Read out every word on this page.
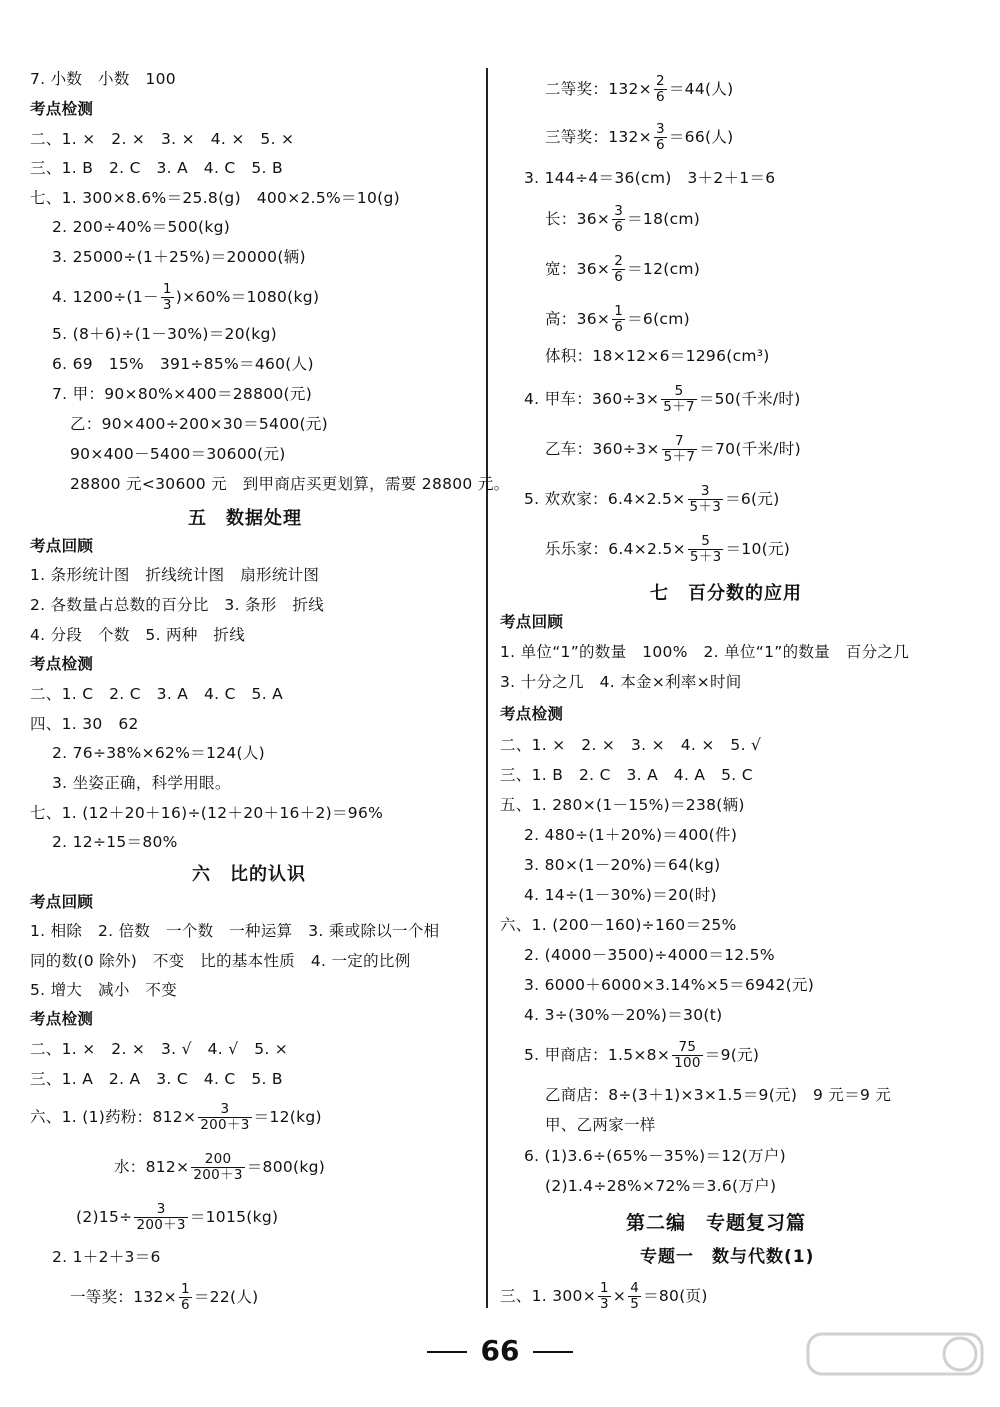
7. 小数　小数　100
考点检测
二、1. ×　2. ×　3. ×　4. ×　5. ×
三、1. B　2. C　3. A　4. C　5. B
七、1. 300×8.6%＝25.8(g)　400×2.5%＝10(g)
2. 200÷40%＝500(kg)
3. 25000÷(1＋25%)＝20000(辆)
4. $1200\div(1- \frac{1}{3} )\times 60\%=1080(kg)$
5. (8＋6)÷(1－30%)＝20(kg)
6. 69　15%　391÷85%＝460(人)
7. 甲：90×80%×400＝28800(元)
乙：90×400÷200×30＝5400(元)
90×400－5400＝30600(元)
28800 元<30600 元　到甲商店买更划算，需要 28800 元。
五　数据处理
考点回顾
1. 条形统计图　折线统计图　扇形统计图
2. 各数量占总数的百分比　3. 条形　折线
4. 分段　个数　5. 两种　折线
考点检测
二、1. C　2. C　3. A　4. C　5. A
四、1. 30　62
2. 76÷38%×62%＝124(人)
3. 坐姿正确，科学用眼。
七、1. (12＋20＋16)÷(12＋20＋16＋2)＝96%
2. 12÷15＝80%
六　比的认识
考点回顾
1. 相除　2. 倍数　一个数　一种运算　3. 乘或除以一个相
同的数(0 除外)　不变　比的基本性质　4. 一定的比例
5. 增大　减小　不变
考点检测
二、1. ×　2. ×　3. √　4. √　5. ×
三、1. A　2. A　3. C　4. C　5. B
六、1. (1)药粉：$812\times \frac{3}{200+3} =12(kg)$
水：$812\times \frac{200}{200+3} =800(kg)$
$(2)15\div \frac{3}{200+3} =1015(kg)$
2. 1＋2＋3＝6
一等奖：$132\times \frac{1}{6} =22$(人)
二等奖：$132\times \frac{2}{6} =44$(人)
三等奖：$132\times \frac{3}{6} =66$(人)
3. 144÷4＝36(cm)　3＋2＋1＝6
长：$36\times \frac{3}{6} =18(cm)$
宽：$36\times \frac{2}{6} =12(cm)$
高：$36\times \frac{1}{6} =6(cm)$
体积：18×12×6＝1296(cm³)
4. 甲车：$360\div 3\times \frac{5}{5+7} =50$(千米/时)
乙车：$360\div 3\times \frac{7}{5+7} =70$(千米/时)
5. 欢欢家：$6.4\times 2.5\times \frac{3}{5+3} =6$(元)
乐乐家：$6.4\times 2.5\times \frac{5}{5+3} =10$(元)
七　百分数的应用
考点回顾
1. 单位“1”的数量　100%　2. 单位“1”的数量　百分之几
3. 十分之几　4. 本金×利率×时间
考点检测
二、1. ×　2. ×　3. ×　4. ×　5. √
三、1. B　2. C　3. A　4. A　5. C
五、1. 280×(1－15%)＝238(辆)
2. 480÷(1＋20%)＝400(件)
3. 80×(1－20%)＝64(kg)
4. 14÷(1－30%)＝20(时)
六、1. (200－160)÷160＝25%
2. (4000－3500)÷4000＝12.5%
3. 6000＋6000×3.14%×5＝6942(元)
4. 3÷(30%－20%)＝30(t)
5. 甲商店：$1.5\times 8\times \frac{75}{100} =9$(元)
乙商店：8÷(3＋1)×3×1.5＝9(元)　9 元＝9 元
甲、乙两家一样
6. (1)3.6÷(65%－35%)＝12(万户)
(2)1.4÷28%×72%＝3.6(万户)
第二编　专题复习篇
专题一　数与代数(1)
三、1. $300\times \frac{1}{3} \times \frac{4}{5} =80$(页)
66
